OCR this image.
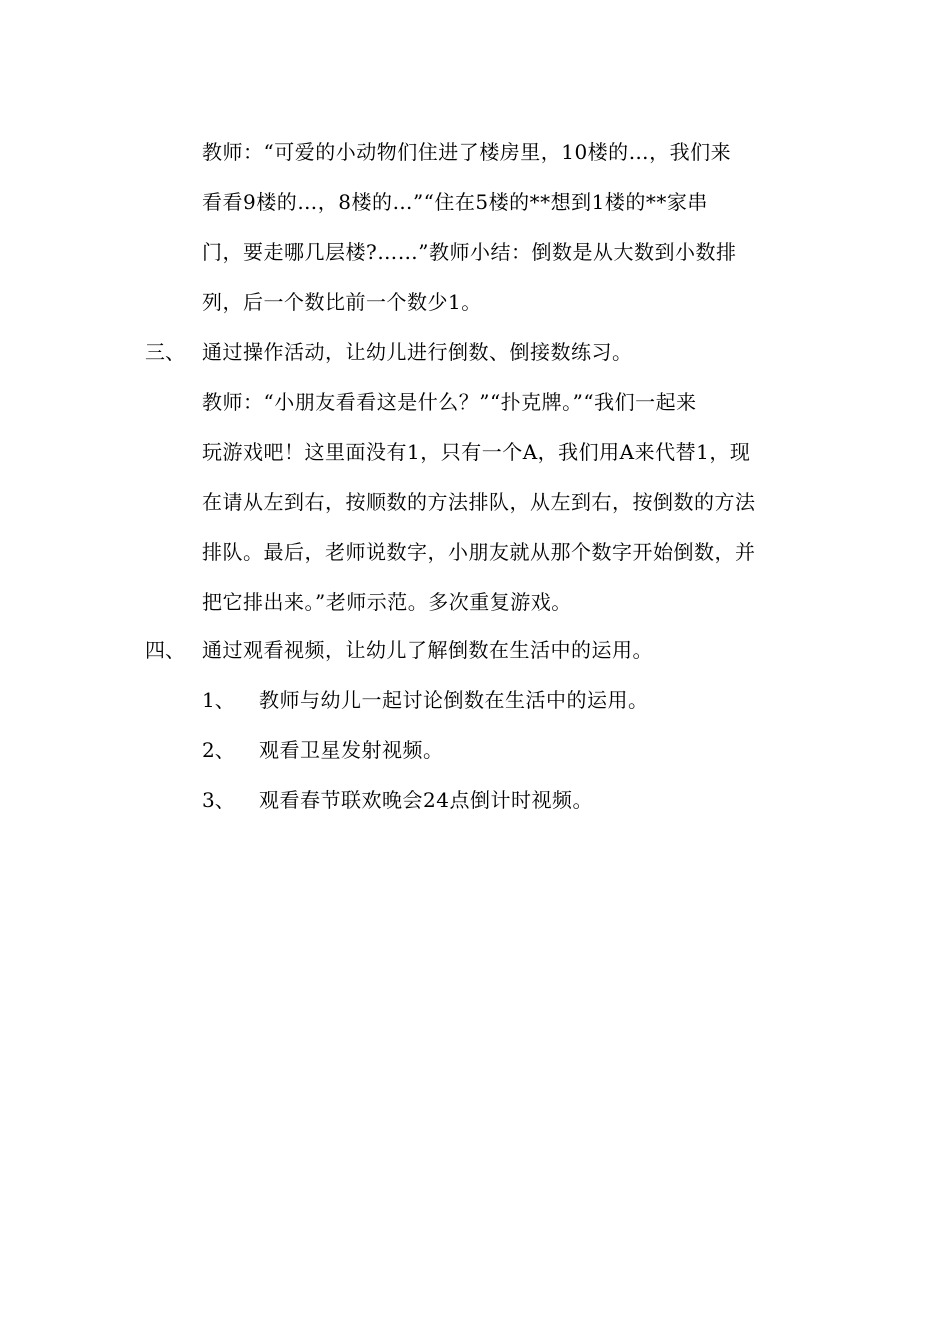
教师：“可爱的小动物们住进了楼房里，10楼的…，我们来
看看9楼的…，8楼的…”“住在5楼的**想到1楼的**家串
门，要走哪几层楼?……”教师小结：倒数是从大数到小数排
列，后一个数比前一个数少1。
三、 通过操作活动，让幼儿进行倒数、倒接数练习。
教师：“小朋友看看这是什么？”“扑克牌。”“我们一起来
玩游戏吧！这里面没有1，只有一个A，我们用A来代替1，现
在请从左到右，按顺数的方法排队，从左到右，按倒数的方法
排队。最后，老师说数字，小朋友就从那个数字开始倒数，并
把它排出来。”老师示范。多次重复游戏。
四、 通过观看视频，让幼儿了解倒数在生活中的运用。
1、 教师与幼儿一起讨论倒数在生活中的运用。
2、 观看卫星发射视频。
3、 观看春节联欢晚会24点倒计时视频。
